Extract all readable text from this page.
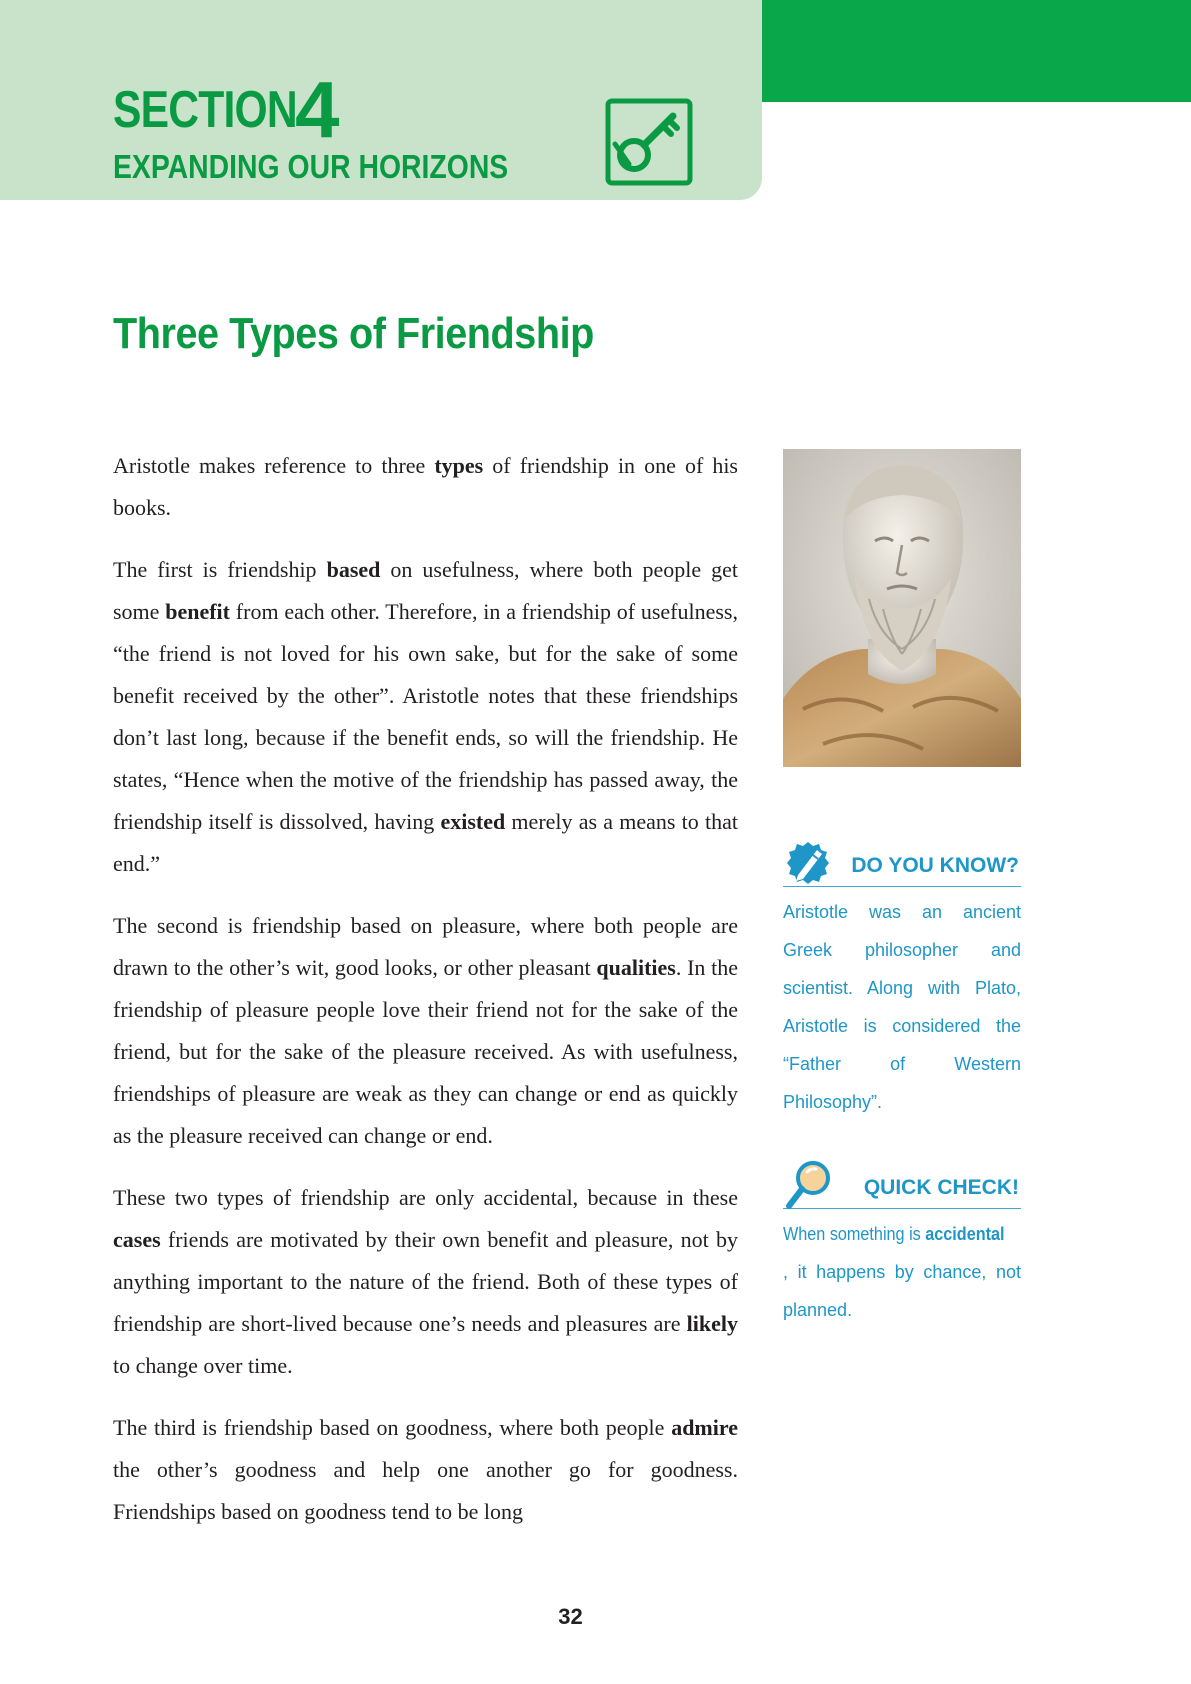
SECTION
4
EXPANDING OUR HORIZONS
Three Types of Friendship

Aristotle makes reference to three types of friendship in one of his books.

The first is friendship based on usefulness, where both people get some benefit from each other. Therefore, in a friendship of usefulness, “the friend is not loved for his own sake, but for the sake of some benefit received by the other”. Aristotle notes that these friendships don’t last long, because if the benefit ends, so will the friendship. He states, “Hence when the motive of the friendship has passed away, the friendship itself is dissolved, having existed merely as a means to that end.”

The second is friendship based on pleasure, where both people are drawn to the other’s wit, good looks, or other pleasant qualities. In the friendship of pleasure people love their friend not for the sake of the friend, but for the sake of the pleasure received. As with usefulness, friendships of pleasure are weak as they can change or end as quickly as the pleasure received can change or end.

These two types of friendship are only accidental, because in these cases friends are motivated by their own benefit and pleasure, not by anything important to the nature of the friend. Both of these types of friendship are short-lived because one’s needs and pleasures are likely to change over time.

The third is friendship based on goodness, where both people admire the other’s goodness and help one another go for goodness. Friendships based on goodness tend to be long

DO YOU KNOW?

Aristotle was an ancient Greek philosopher and scientist. Along with Plato, Aristotle is considered the “Father of Western Philosophy”.

QUICK CHECK!

When something is accidental, it happens by chance, not planned.

32
